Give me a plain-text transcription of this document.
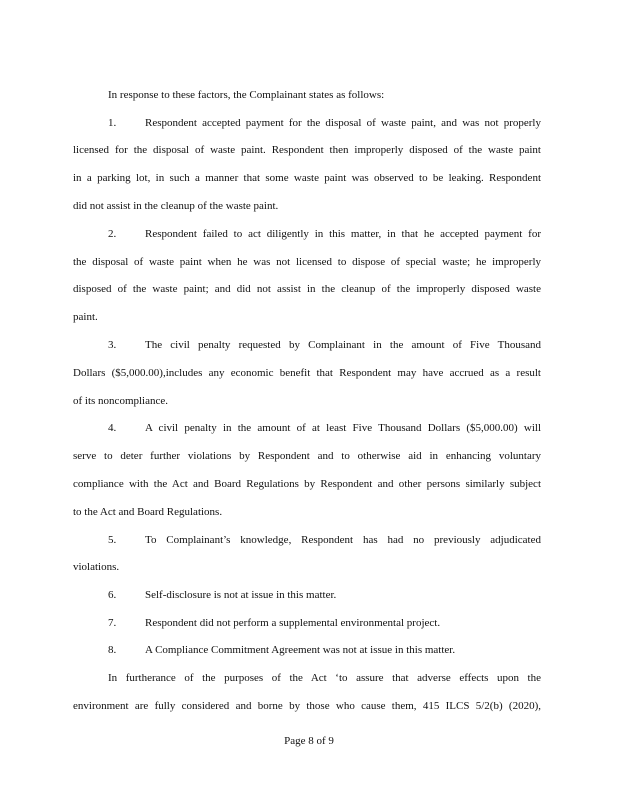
In response to these factors, the Complainant states as follows:
1.	Respondent accepted payment for the disposal of waste paint, and was not properly
licensed for the disposal of waste paint. Respondent then improperly disposed of the waste paint
in a parking lot, in such a manner that some waste paint was observed to be leaking. Respondent
did not assist in the cleanup of the waste paint.
2.	Respondent failed to act diligently in this matter, in that he accepted payment for
the disposal of waste paint when he was not licensed to dispose of special waste; he improperly
disposed of the waste paint; and did not assist in the cleanup of the improperly disposed waste
paint.
3.	The civil penalty requested by Complainant in the amount of Five Thousand
Dollars ($5,000.00),includes any economic benefit that Respondent may have accrued as a result
of its noncompliance.
4.	A civil penalty in the amount of at least Five Thousand Dollars ($5,000.00) will
serve to deter further violations by Respondent and to otherwise aid in enhancing voluntary
compliance with the Act and Board Regulations by Respondent and other persons similarly subject
to the Act and Board Regulations.
5.	To Complainant’s knowledge, Respondent has had no previously adjudicated
violations.
6.	Self-disclosure is not at issue in this matter.
7.	Respondent did not perform a supplemental environmental project.
8.	A Compliance Commitment Agreement was not at issue in this matter.
In furtherance of the purposes of the Act ‘to assure that adverse effects upon the
environment are fully considered and borne by those who cause them, 415 ILCS 5/2(b) (2020),
Page 8 of 9
